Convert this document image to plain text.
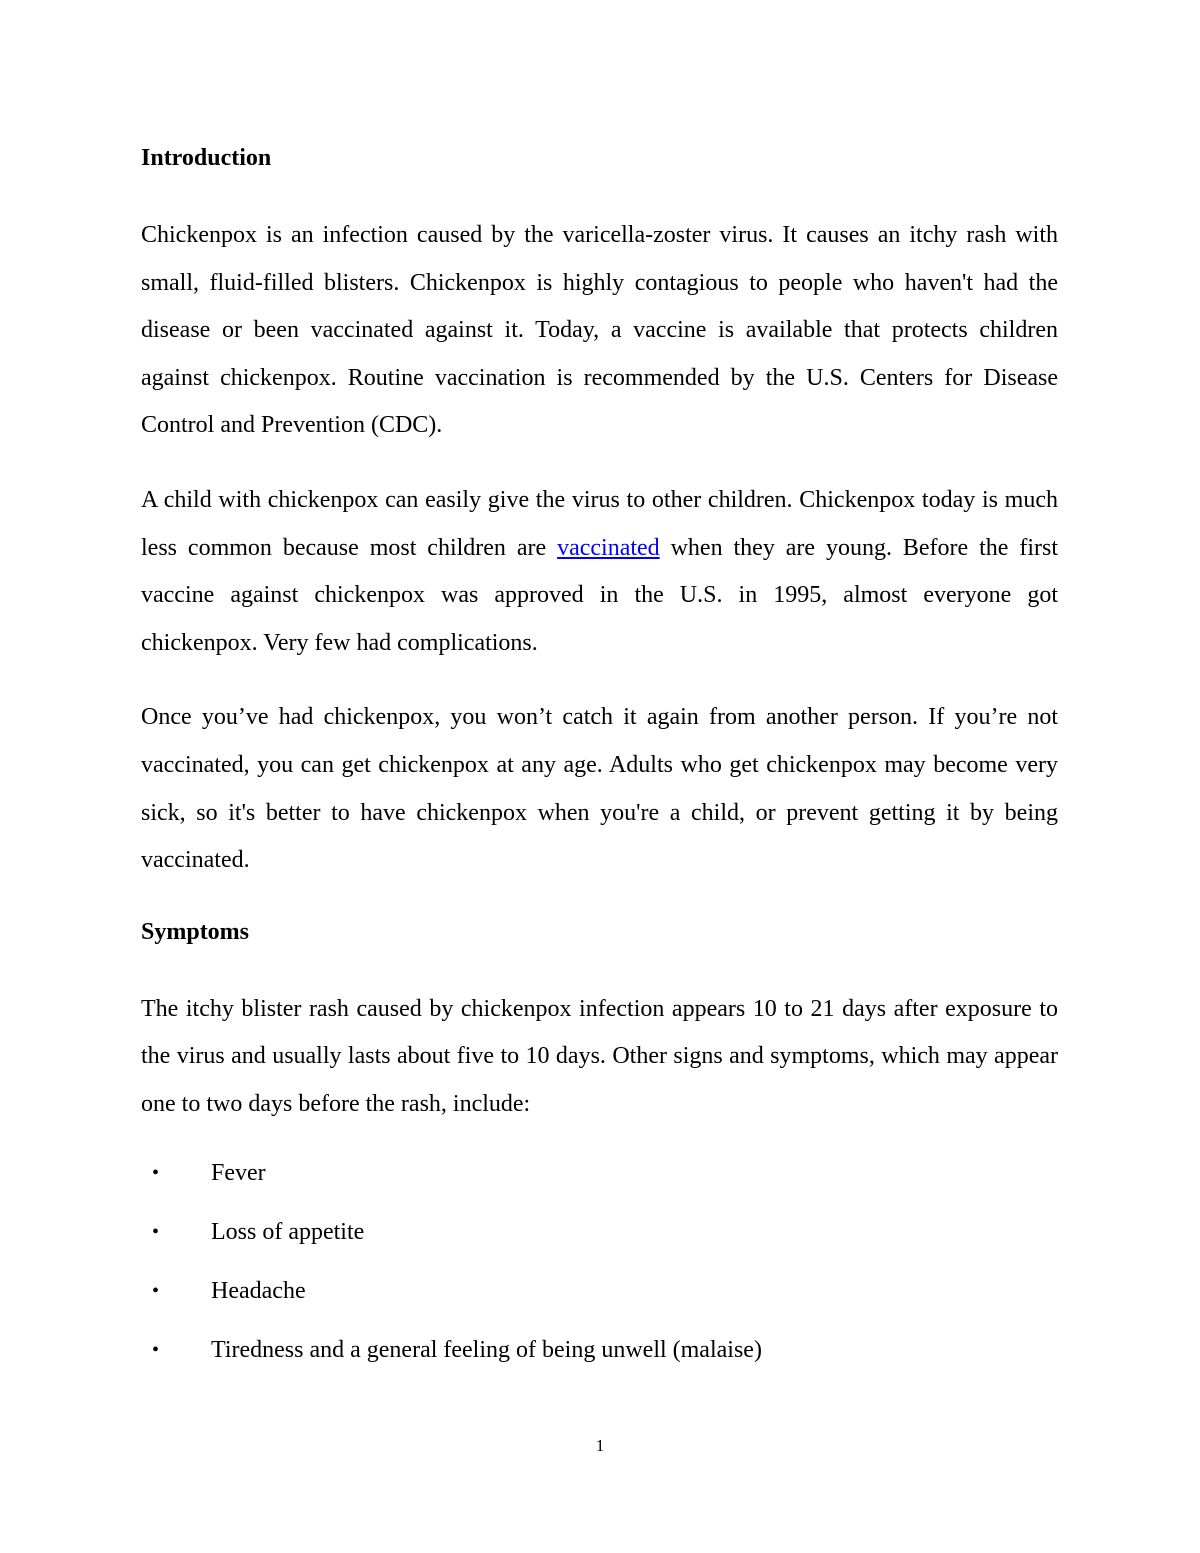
Introduction

Chickenpox is an infection caused by the varicella-zoster virus. It causes an itchy rash with small, fluid-filled blisters. Chickenpox is highly contagious to people who haven't had the disease or been vaccinated against it. Today, a vaccine is available that protects children against chickenpox. Routine vaccination is recommended by the U.S. Centers for Disease Control and Prevention (CDC).

A child with chickenpox can easily give the virus to other children. Chickenpox today is much less common because most children are vaccinated when they are young. Before the first vaccine against chickenpox was approved in the U.S. in 1995, almost everyone got chickenpox. Very few had complications.

Once you’ve had chickenpox, you won’t catch it again from another person. If you’re not vaccinated, you can get chickenpox at any age. Adults who get chickenpox may become very sick, so it's better to have chickenpox when you're a child, or prevent getting it by being vaccinated.

Symptoms

The itchy blister rash caused by chickenpox infection appears 10 to 21 days after exposure to the virus and usually lasts about five to 10 days. Other signs and symptoms, which may appear one to two days before the rash, include:

• Fever
• Loss of appetite
• Headache
• Tiredness and a general feeling of being unwell (malaise)
1
